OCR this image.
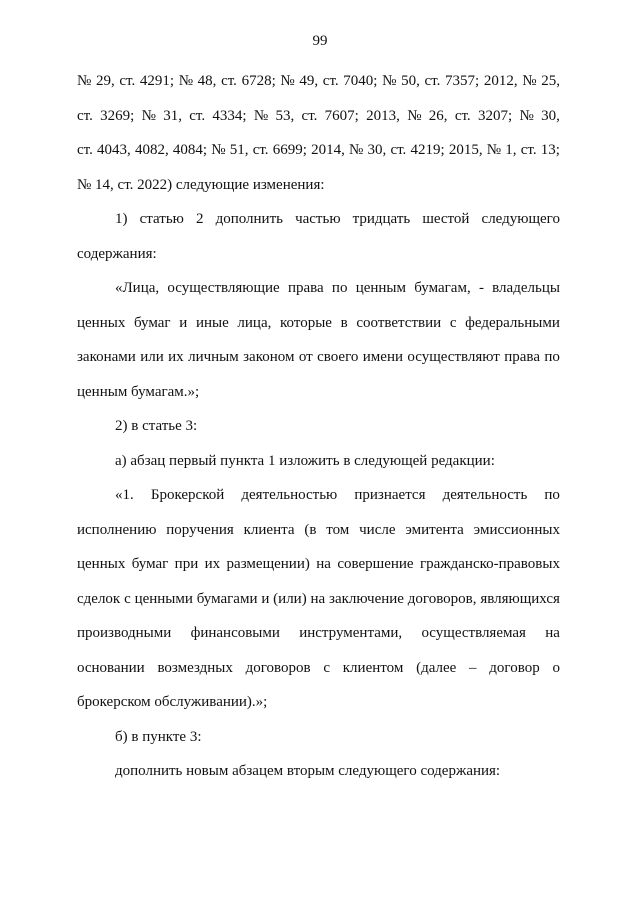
99
№ 29, ст. 4291; № 48, ст. 6728; № 49, ст. 7040; № 50, ст. 7357; 2012, № 25,
ст. 3269; № 31, ст. 4334; № 53, ст. 7607; 2013, № 26, ст. 3207; № 30,
ст. 4043, 4082, 4084; № 51, ст. 6699; 2014, № 30, ст. 4219; 2015, № 1, ст. 13;
№ 14, ст. 2022) следующие изменения:
1) статью 2 дополнить частью тридцать шестой следующего
содержания:
«Лица, осуществляющие права по ценным бумагам, - владельцы
ценных бумаг и иные лица, которые в соответствии с федеральными
законами или их личным законом от своего имени осуществляют права по
ценным бумагам.»;
2) в статье 3:
а) абзац первый пункта 1 изложить в следующей редакции:
«1. Брокерской деятельностью признается деятельность по
исполнению поручения клиента (в том числе эмитента эмиссионных
ценных бумаг при их размещении) на совершение гражданско-правовых
сделок с ценными бумагами и (или) на заключение договоров, являющихся
производными финансовыми инструментами, осуществляемая на
основании возмездных договоров с клиентом (далее – договор о
брокерском обслуживании).»;
б) в пункте 3:
дополнить новым абзацем вторым следующего содержания:
